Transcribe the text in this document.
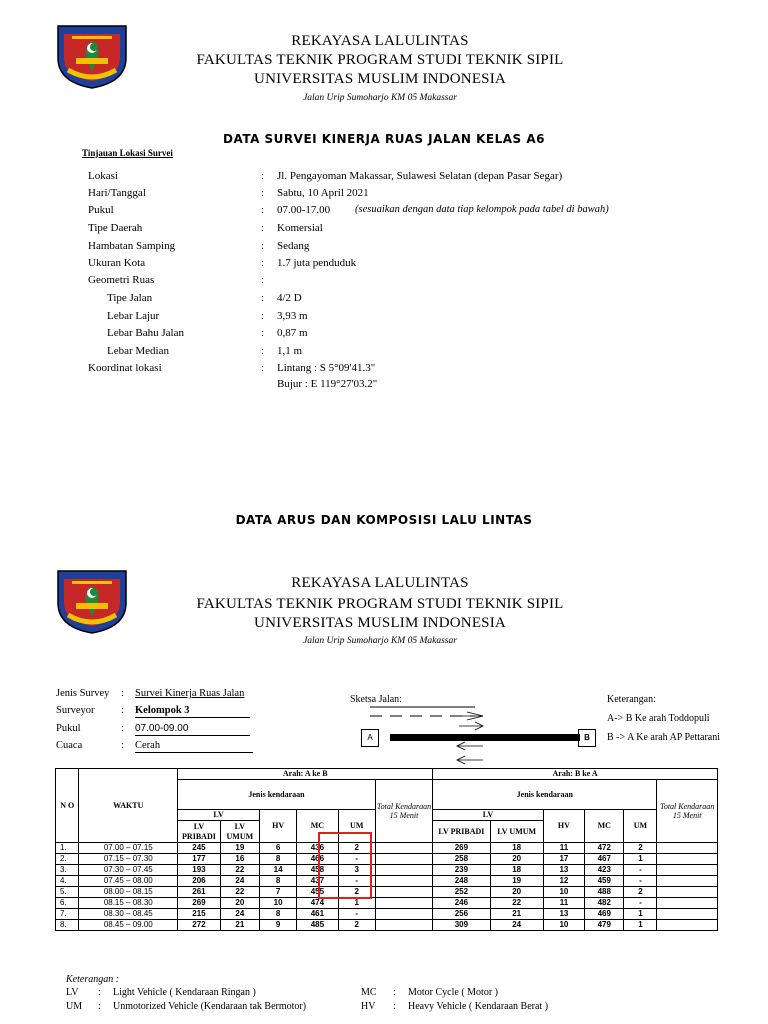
REKAYASA LALULINTAS
FAKULTAS TEKNIK PROGRAM STUDI TEKNIK SIPIL
UNIVERSITAS MUSLIM INDONESIA
Jalan Urip Sumoharjo KM 05 Makassar
DATA SURVEI KINERJA RUAS JALAN KELAS A6
Tinjauan Lokasi Survei
Lokasi	: Jl. Pengayoman Makassar, Sulawesi Selatan (depan Pasar Segar)
Hari/Tanggal	: Sabtu, 10 April 2021
Pukul	: 07.00-17.00 (sesuaikan dengan data tiap kelompok pada tabel di bawah)
Tipe Daerah	: Komersial
Hambatan Samping	: Sedang
Ukuran Kota	: 1.7 juta penduduk
Geometri Ruas	:
Tipe Jalan	: 4/2 D
Lebar Lajur	: 3,93 m
Lebar Bahu Jalan	: 0,87 m
Lebar Median	: 1,1 m
Koordinat lokasi	: Lintang : S 5°09'41.3"
Bujur : E 119°27'03.2"
DATA ARUS DAN KOMPOSISI LALU LINTAS
REKAYASA LALULINTAS
FAKULTAS TEKNIK PROGRAM STUDI TEKNIK SIPIL
UNIVERSITAS MUSLIM INDONESIA
Jalan Urip Sumoharjo KM 05 Makassar
Jenis Survey : Survei Kinerja Ruas Jalan
Surveyor	: Kelompok 3
Pukul	: 07.00-09.00
Cuaca	: Cerah
Sketsa Jalan:
A	B
Keterangan:
A-> B Ke arah Toddopuli
B -> A Ke arah AP Pettarani
N O	WAKTU	Arah: A ke B						Arah: B ke A					
		Jenis kendaraan					Total Kendaraan 15 Menit	Jenis kendaraan					Total Kendaraan 15 Menit
		LV		HV	MC	UM		LV		HV	MC	UM	
		LV PRIBADI	LV UMUM					LV PRIBADI	LV UMUM				
1.	07.00 – 07.15	245	19	6	436	2		269	18	11	472	2	
2.	07.15 – 07.30	177	16	8	466	-		258	20	17	467	1	
3.	07.30 – 07.45	193	22	14	458	3		239	18	13	423	-	
4.	07.45 – 08.00	206	24	8	437	-		248	19	12	459	-	
5.	08.00 – 08.15	261	22	7	455	2		252	20	10	488	2	
6.	08.15 – 08.30	269	20	10	474	1		246	22	11	482	-	
7.	08.30 – 08.45	215	24	8	461	-		256	21	13	469	1	
8.	08.45 – 09.00	272	21	9	485	2		309	24	10	479	1	
Keterangan :
LV : Light Vehicle ( Kendaraan Ringan )
UM : Unmotorized Vehicle (Kendaraan tak Bermotor)
MC : Motor Cycle ( Motor )
HV : Heavy Vehicle ( Kendaraan Berat )
